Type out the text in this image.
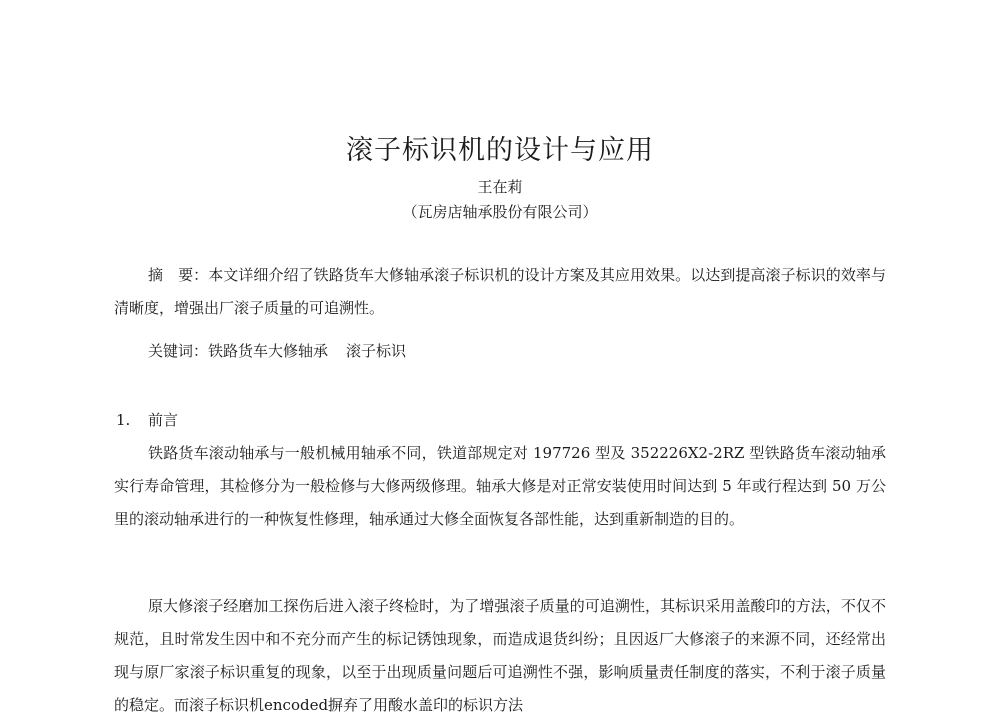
滚子标识机的设计与应用

王在莉

（瓦房店轴承股份有限公司）

摘　要：本文详细介绍了铁路货车大修轴承滚子标识机的设计方案及其应用效果。以达到提高滚子标识的效率与清晰度，增强出厂滚子质量的可追溯性。

关键词：铁路货车大修轴承 滚子标识

1. 前言

铁路货车滚动轴承与一般机械用轴承不同，铁道部规定对 197726 型及 352226X2-2RZ 型铁路货车滚动轴承实行寿命管理，其检修分为一般检修与大修两级修理。轴承大修是对正常安装使用时间达到 5 年或行程达到 50 万公里的滚动轴承进行的一种恢复性修理，轴承通过大修全面恢复各部性能，达到重新制造的目的。

原大修滚子经磨加工探伤后进入滚子终检时，为了增强滚子质量的可追溯性，其标识采用盖酸印的方法，不仅不规范，且时常发生因中和不充分而产生的标记锈蚀现象，而造成退货纠纷；且因返厂大修滚子的来源不同，还经常出现与原厂家滚子标识重复的现象，以至于出现质量问题后可追溯性不强，影响质量责任制度的落实，不利于滚子质量的稳定。而滚子标识机encoded摒弃了用酸水盖印的标识方法
